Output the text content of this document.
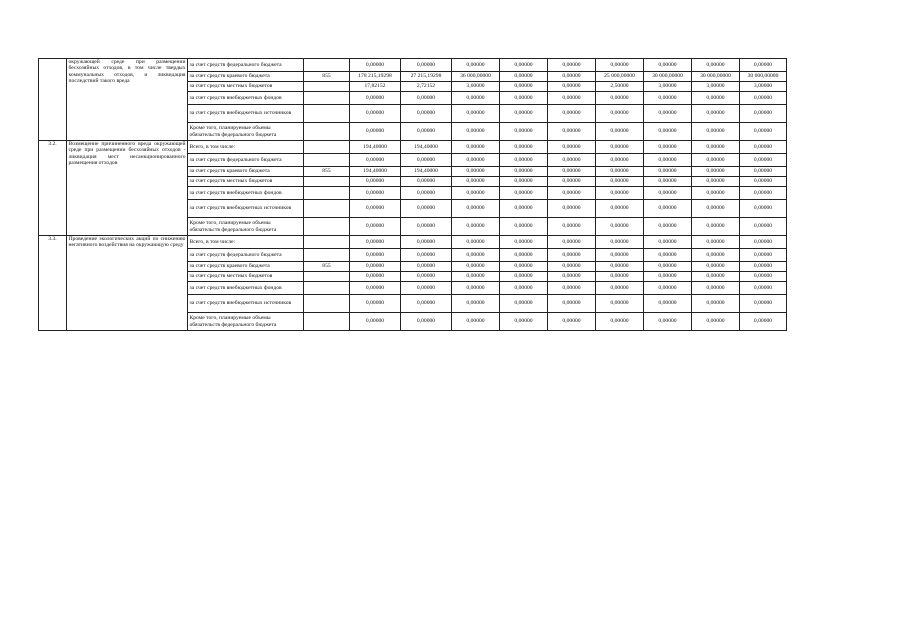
	окружающей среде при размещении бесхозяйных отходов, в том числе твердых коммунальных отходов, и ликвидация последствий такого вреда	за счет средств федерального бюджета		0,00000	0,00000	0,00000	0,00000	0,00000	0,00000	0,00000	0,00000	0,00000
		за счет средств краевого бюджета	855	178 215,19298	27 215,19298	36 000,00000	0,00000	0,00000	25 000,00000	30 000,00000	30 000,00000	30 000,00000
		за счет средств местных бюджетов		17,82152	2,72152	3,60000	0,00000	0,00000	2,50000	3,00000	3,00000	3,00000
		за счет средств внебюджетных фондов		0,00000	0,00000	0,00000	0,00000	0,00000	0,00000	0,00000	0,00000	0,00000
		за счет средств внебюджетных источников		0,00000	0,00000	0,00000	0,00000	0,00000	0,00000	0,00000	0,00000	0,00000
		Кроме того, планируемые объемы обязательств федерального бюджета		0,00000	0,00000	0,00000	0,00000	0,00000	0,00000	0,00000	0,00000	0,00000
3.2.	Возмещение причиненного вреда окружающей среде при размещении бесхозяйных отходов - ликвидация мест несанкционированного размещения отходов	Всего, в том числе:		194,40000	194,40000	0,00000	0,00000	0,00000	0,00000	0,00000	0,00000	0,00000
		за счет средств федерального бюджета		0,00000	0,00000	0,00000	0,00000	0,00000	0,00000	0,00000	0,00000	0,00000
		за счет средств краевого бюджета	855	194,40000	194,40000	0,00000	0,00000	0,00000	0,00000	0,00000	0,00000	0,00000
		за счет средств местных бюджетов		0,00000	0,00000	0,00000	0,00000	0,00000	0,00000	0,00000	0,00000	0,00000
		за счет средств внебюджетных фондов		0,00000	0,00000	0,00000	0,00000	0,00000	0,00000	0,00000	0,00000	0,00000
		за счет средств внебюджетных источников		0,00000	0,00000	0,00000	0,00000	0,00000	0,00000	0,00000	0,00000	0,00000
		Кроме того, планируемые объемы обязательств федерального бюджета		0,00000	0,00000	0,00000	0,00000	0,00000	0,00000	0,00000	0,00000	0,00000
3.3.	Проведение экологических акций по снижению негативного воздействия на окружающую среду	Всего, в том числе:		0,00000	0,00000	0,00000	0,00000	0,00000	0,00000	0,00000	0,00000	0,00000
		за счет средств федерального бюджета		0,00000	0,00000	0,00000	0,00000	0,00000	0,00000	0,00000	0,00000	0,00000
		за счет средств краевого бюджета	855	0,00000	0,00000	0,00000	0,00000	0,00000	0,00000	0,00000	0,00000	0,00000
		за счет средств местных бюджетов		0,00000	0,00000	0,00000	0,00000	0,00000	0,00000	0,00000	0,00000	0,00000
		за счет средств внебюджетных фондов		0,00000	0,00000	0,00000	0,00000	0,00000	0,00000	0,00000	0,00000	0,00000
		за счет средств внебюджетных источников		0,00000	0,00000	0,00000	0,00000	0,00000	0,00000	0,00000	0,00000	0,00000
		Кроме того, планируемые объемы обязательств федерального бюджета		0,00000	0,00000	0,00000	0,00000	0,00000	0,00000	0,00000	0,00000	0,00000
